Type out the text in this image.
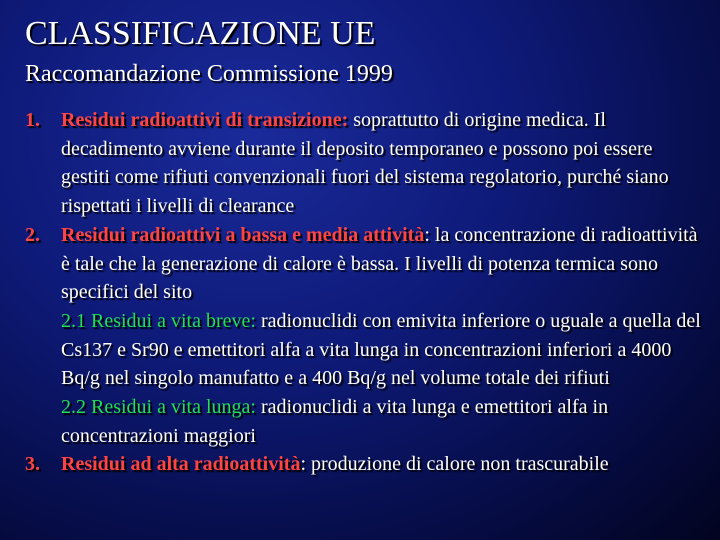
CLASSIFICAZIONE UE
Raccomandazione Commissione 1999
1. Residui radioattivi di transizione: soprattutto di origine medica. Il decadimento avviene durante il deposito temporaneo e possono poi essere gestiti come rifiuti convenzionali fuori del sistema regolatorio, purché siano rispettati i livelli di clearance
2. Residui radioattivi a bassa e media attività: la concentrazione di radioattività è tale che la generazione di calore è bassa. I livelli di potenza termica sono specifici del sito
2.1 Residui a vita breve: radionuclidi con emivita inferiore o uguale a quella del Cs137 e Sr90 e emettitori alfa a vita lunga in concentrazioni inferiori a 4000 Bq/g nel singolo manufatto e a 400 Bq/g nel volume totale dei rifiuti
2.2 Residui a vita lunga: radionuclidi a vita lunga e emettitori alfa in concentrazioni maggiori
3. Residui ad alta radioattività: produzione di calore non trascurabile
